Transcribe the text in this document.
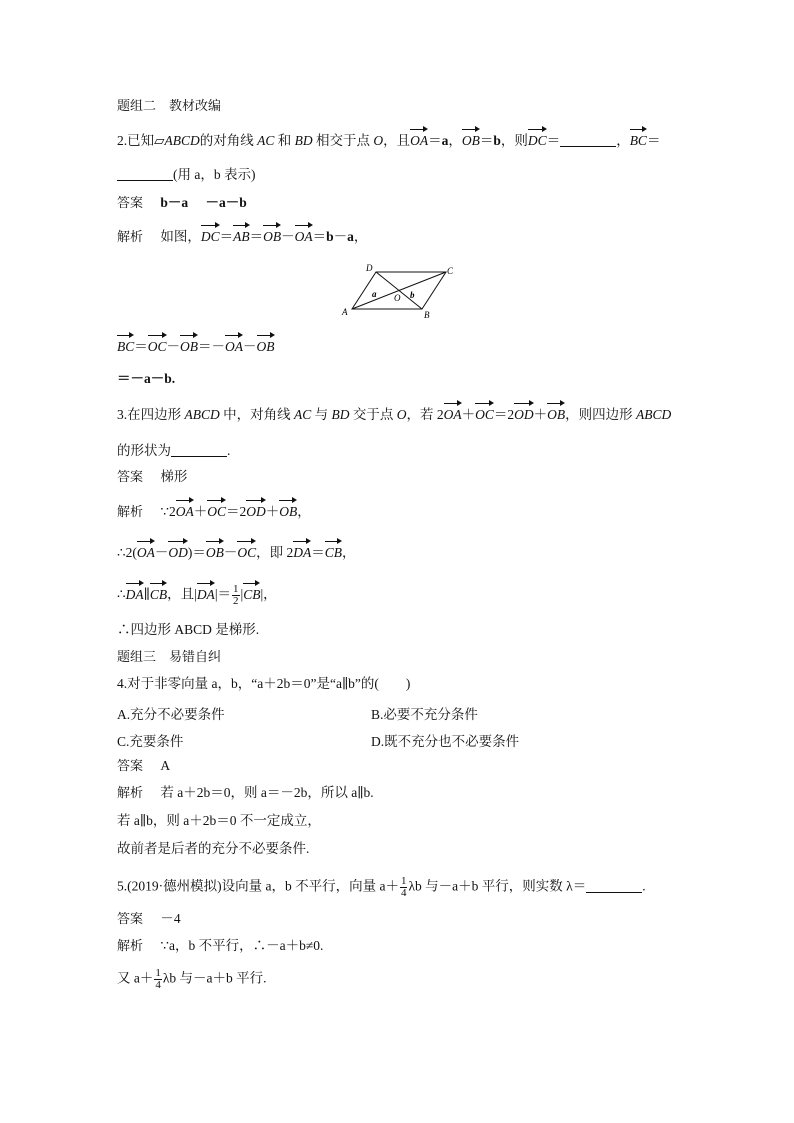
题组二　教材改编
2.已知▱ABCD的对角线 AC 和 BD 相交于点 O，且OA＝a，OB＝b，则DC＝	，BC＝
(用 a，b 表示)
答案 b－a －a－b
解析 如图，DC＝AB＝OB－OA＝b－a，
A	B
C
D
O
a	b
BC＝OC－OB＝－OA－OB
＝－a－b.
3.在四边形 ABCD 中，对角线 AC 与 BD 交于点 O，若 2OA＋OC＝2OD＋OB，则四边形 ABCD
的形状为	.
答案 梯形
解析 ∵2OA＋OC＝2OD＋OB，
∴2(OA－OD)＝OB－OC，即 2DA＝CB，
∴DA∥CB，且$|DA|= \frac{1}{2} |CB|$，
∴四边形 ABCD 是梯形.
题组三　易错自纠
4.对于非零向量 a，b，“a＋2b＝0”是“a∥b”的(　　)
A.充分不必要条件	B.必要不充分条件
C.充要条件	D.既不充分也不必要条件
答案 A
解析 若 a＋2b＝0，则 a＝－2b，所以 a∥b.
若 a∥b，则 a＋2b＝0 不一定成立，
故前者是后者的充分不必要条件.
5.(2019·德州模拟)设向量 a，b 不平行，向量 $a+ \frac{1}{4}$ λb 与－a＋b 平行，则实数 λ＝	.
答案 －4
解析 ∵a，b 不平行，∴－a＋b≠0.
又 $a+ \frac{1}{4}$ λb 与－a＋b 平行.
